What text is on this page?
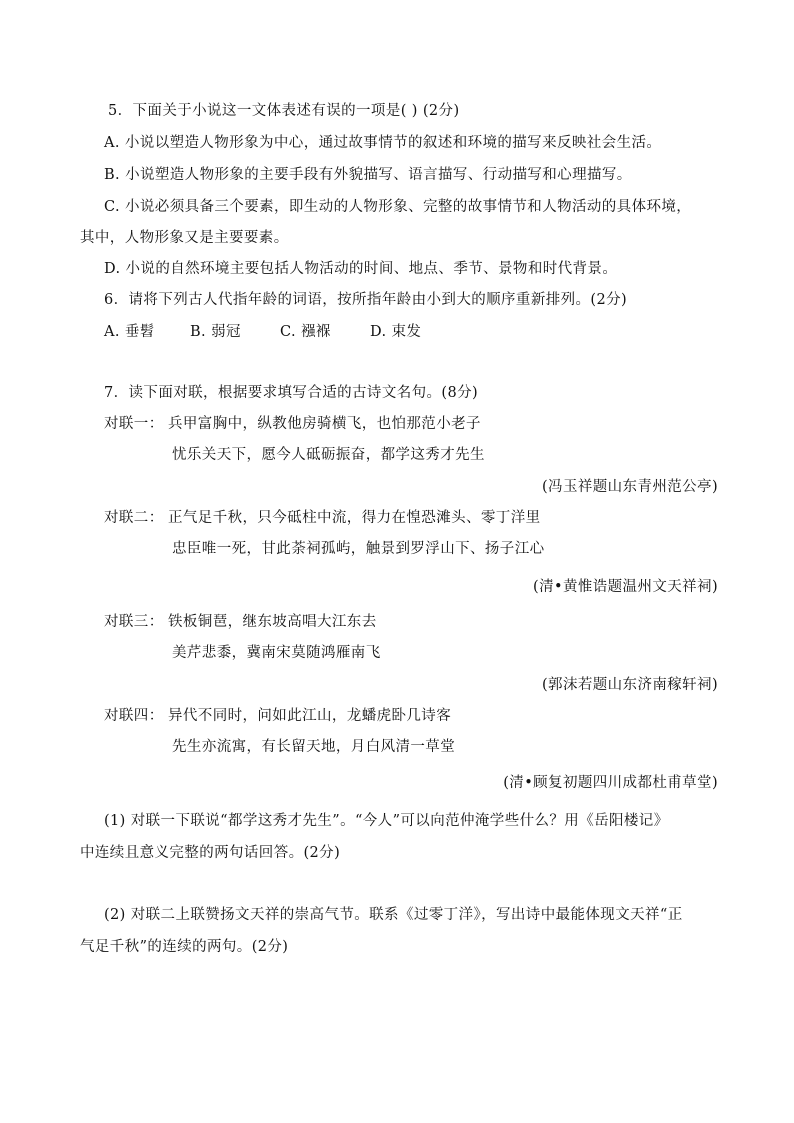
5．下面关于小说这一文体表述有误的一项是( ) (2分)
A. 小说以塑造人物形象为中心，通过故事情节的叙述和环境的描写来反映社会生活。
B. 小说塑造人物形象的主要手段有外貌描写、语言描写、行动描写和心理描写。
C. 小说必须具备三个要素，即生动的人物形象、完整的故事情节和人物活动的具体环境，
其中，人物形象又是主要要素。
D. 小说的自然环境主要包括人物活动的时间、地点、季节、景物和时代背景。
6．请将下列古人代指年龄的词语，按所指年龄由小到大的顺序重新排列。(2分)
A. 垂髫 B. 弱冠	C. 襁褓	D. 束发
7．读下面对联，根据要求填写合适的古诗文名句。(8分)
对联一： 兵甲富胸中，纵教他房骑横飞，也怕那范小老子
忧乐关天下，愿今人砥砺振奋，都学这秀才先生
(冯玉祥题山东青州范公亭)
对联二： 正气足千秋，只今砥柱中流，得力在惶恐滩头、零丁洋里
忠臣唯一死，甘此荼祠孤屿，触景到罗浮山下、扬子江心
(清•黄惟诰题温州文天祥祠)
对联三： 铁板铜琶，继东坡高唱大江东去
美芹悲黍，冀南宋莫随鸿雁南飞
(郭沫若题山东济南稼轩祠)
对联四： 异代不同时，问如此江山，龙蟠虎卧几诗客
先生亦流寓，有长留天地，月白风清一草堂
(清•顾复初题四川成都杜甫草堂)
(1) 对联一下联说“都学这秀才先生”。“今人”可以向范仲淹学些什么？用《岳阳楼记》
中连续且意义完整的两句话回答。(2分)
(2) 对联二上联赞扬文天祥的崇高气节。联系《过零丁洋》，写出诗中最能体现文天祥“正
气足千秋”的连续的两句。(2分)
